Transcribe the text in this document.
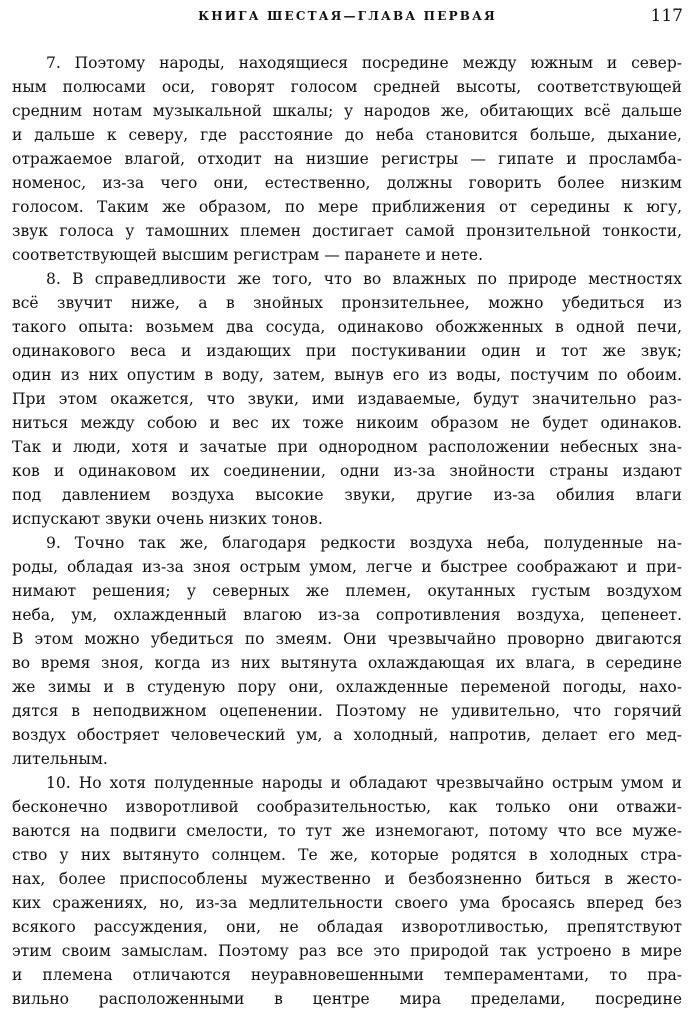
КНИГА ШЕСТАЯ—ГЛАВА ПЕРВАЯ	117
7. Поэтому народы, находящиеся посредине между южным и север-
ным полюсами оси, говорят голосом средней высоты, соответствующей
средним нотам музыкальной шкалы; у народов же, обитающих всё дальше
и дальше к северу, где расстояние до неба становится больше, дыхание,
отражаемое влагой, отходит на низшие регистры — гипате и просламба-
номенос, из-за чего они, естественно, должны говорить более низким
голосом. Таким же образом, по мере приближения от середины к югу,
звук голоса у тамошних племен достигает самой пронзительной тонкости,
соответствующей высшим регистрам — паранете и нете.
8. В справедливости же того, что во влажных по природе местностях
всё звучит ниже, а в знойных пронзительнее, можно убедиться из
такого опыта: возьмем два сосуда, одинаково обожженных в одной печи,
одинакового веса и издающих при постукивании один и тот же звук;
один из них опустим в воду, затем, вынув его из воды, постучим по обоим.
При этом окажется, что звуки, ими издаваемые, будут значительно раз-
ниться между собою и вес их тоже никоим образом не будет одинаков.
Так и люди, хотя и зачатые при однородном расположении небесных зна-
ков и одинаковом их соединении, одни из-за знойности страны издают
под давлением воздуха высокие звуки, другие из-за обилия влаги
испускают звуки очень низких тонов.
9. Точно так же, благодаря редкости воздуха неба, полуденные на-
роды, обладая из-за зноя острым умом, легче и быстрее соображают и при-
нимают решения; у северных же племен, окутанных густым воздухом
неба, ум, охлажденный влагою из-за сопротивления воздуха, цепенеет.
В этом можно убедиться по змеям. Они чрезвычайно проворно двигаются
во время зноя, когда из них вытянута охлаждающая их влага, в середине
же зимы и в студеную пору они, охлажденные переменой погоды, нахо-
дятся в неподвижном оцепенении. Поэтому не удивительно, что горячий
воздух обостряет человеческий ум, а холодный, напротив, делает его мед-
лительным.
10. Но хотя полуденные народы и обладают чрезвычайно острым умом и
бесконечно изворотливой сообразительностью, как только они отважи-
ваются на подвиги смелости, то тут же изнемогают, потому что все муже-
ство у них вытянуто солнцем. Те же, которые родятся в холодных стра-
нах, более приспособлены мужественно и безбоязненно биться в жесто-
ких сражениях, но, из-за медлительности своего ума бросаясь вперед без
всякого рассуждения, они, не обладая изворотливостью, препятствуют
этим своим замыслам. Поэтому раз все это природой так устроено в мире
и племена отличаются неуравновешенными темпераментами, то пра-
вильно расположенными в центре мира пределами, посредине
